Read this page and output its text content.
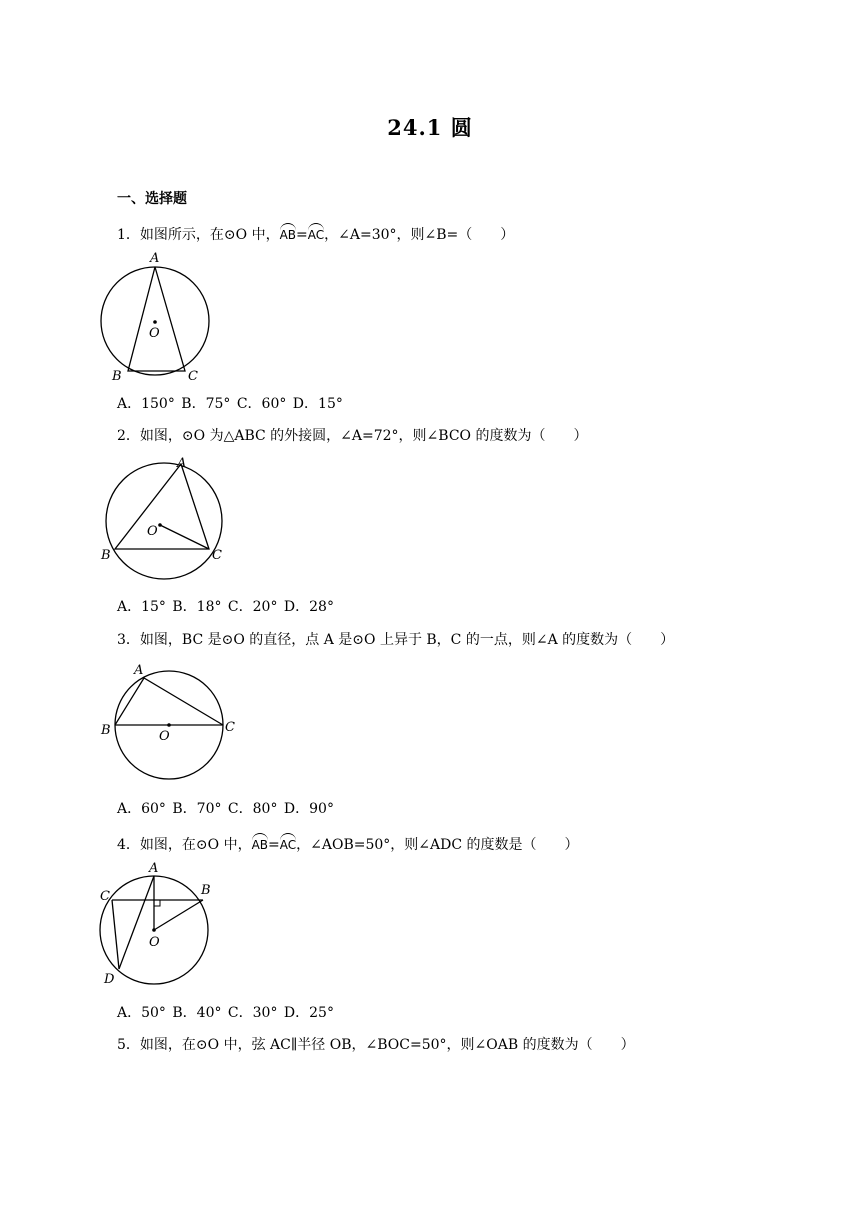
24.1 圆
一、选择题
1．如图所示，在⊙O 中，AB=AC，∠A=30°，则∠B=（　　）
A
O
B	C
A．150° B．75° C．60° D．15°
2．如图，⊙O 为△ABC 的外接圆，∠A=72°，则∠BCO 的度数为（　　）
A
O
B	C
A．15° B．18° C．20° D．28°
3．如图，BC 是⊙O 的直径，点 A 是⊙O 上异于 B，C 的一点，则∠A 的度数为（　　）
A
B	C
O
A．60° B．70° C．80° D．90°
4．如图，在⊙O 中，AB=AC，∠AOB=50°，则∠ADC 的度数是（　　）
A
B
C
D
O
A．50° B．40° C．30° D．25°
5．如图，在⊙O 中，弦 AC∥半径 OB，∠BOC=50°，则∠OAB 的度数为（　　）
